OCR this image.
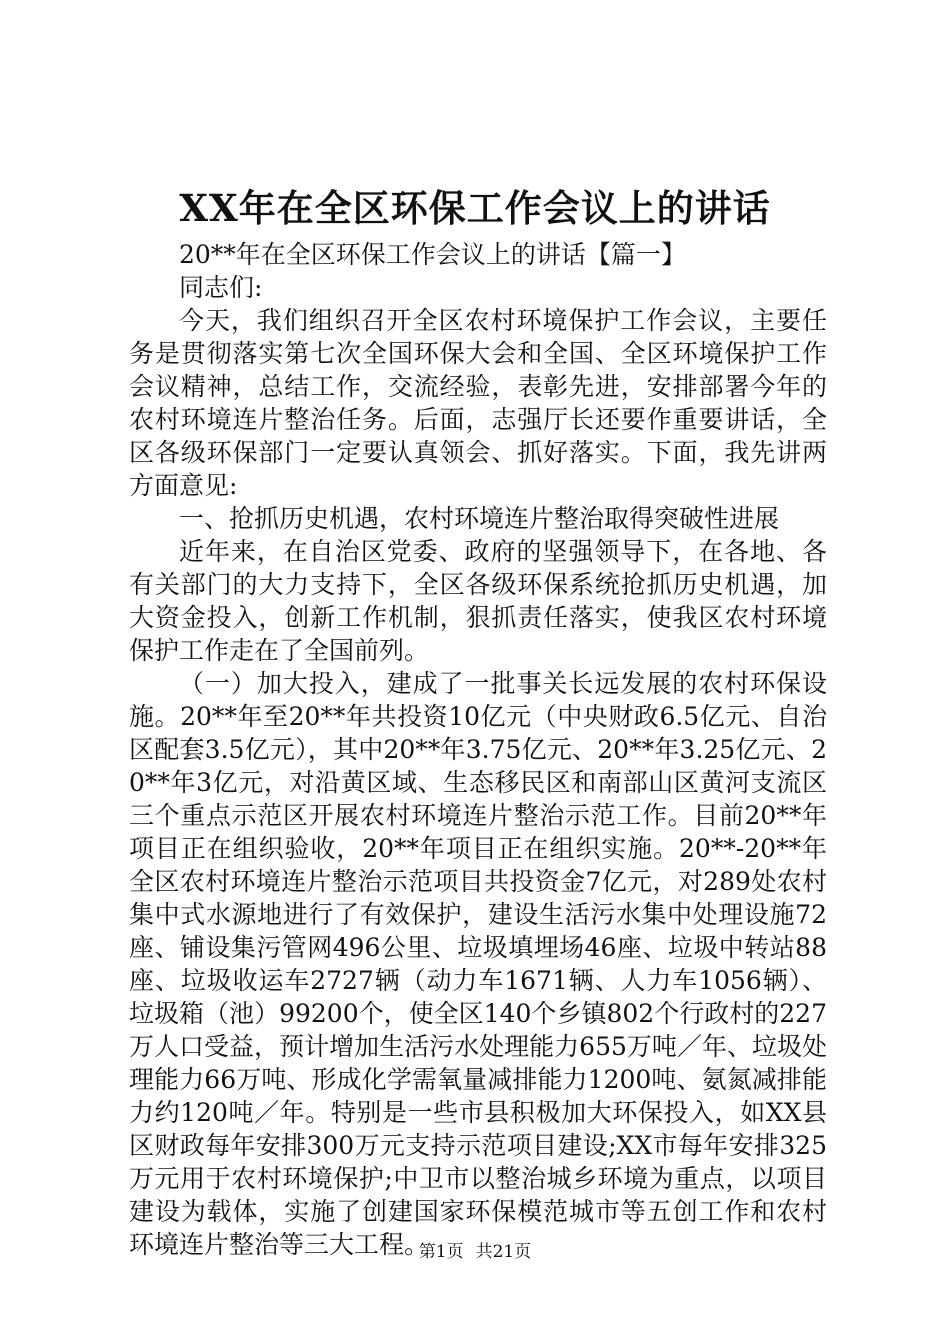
XX年在全区环保工作会议上的讲话

20**年在全区环保工作会议上的讲话【篇一】

同志们:

今天，我们组织召开全区农村环境保护工作会议，主要任务是贯彻落实第七次全国环保大会和全国、全区环境保护工作会议精神，总结工作，交流经验，表彰先进，安排部署今年的农村环境连片整治任务。后面，志强厅长还要作重要讲话，全区各级环保部门一定要认真领会、抓好落实。下面，我先讲两方面意见:

一、抢抓历史机遇，农村环境连片整治取得突破性进展

近年来，在自治区党委、政府的坚强领导下，在各地、各有关部门的大力支持下，全区各级环保系统抢抓历史机遇，加大资金投入，创新工作机制，狠抓责任落实，使我区农村环境保护工作走在了全国前列。

（一）加大投入，建成了一批事关长远发展的农村环保设施。20**年至20**年共投资10亿元（中央财政6.5亿元、自治区配套3.5亿元），其中20**年3.75亿元、20**年3.25亿元、20**年3亿元，对沿黄区域、生态移民区和南部山区黄河支流区三个重点示范区开展农村环境连片整治示范工作。目前20**年项目正在组织验收，20**年项目正在组织实施。20**-20**年全区农村环境连片整治示范项目共投资金7亿元，对289处农村集中式水源地进行了有效保护，建设生活污水集中处理设施72座、铺设集污管网496公里、垃圾填埋场46座、垃圾中转站88座、垃圾收运车2727辆（动力车1671辆、人力车1056辆）、垃圾箱（池）99200个，使全区140个乡镇802个行政村的227万人口受益，预计增加生活污水处理能力655万吨／年、垃圾处理能力66万吨、形成化学需氧量减排能力1200吨、氨氮减排能力约120吨／年。特别是一些市县积极加大环保投入，如XX县区财政每年安排300万元支持示范项目建设;XX市每年安排325万元用于农村环境保护;中卫市以整治城乡环境为重点，以项目建设为载体，实施了创建国家环保模范城市等五创工作和农村环境连片整治等三大工程。

第1页 共21页
